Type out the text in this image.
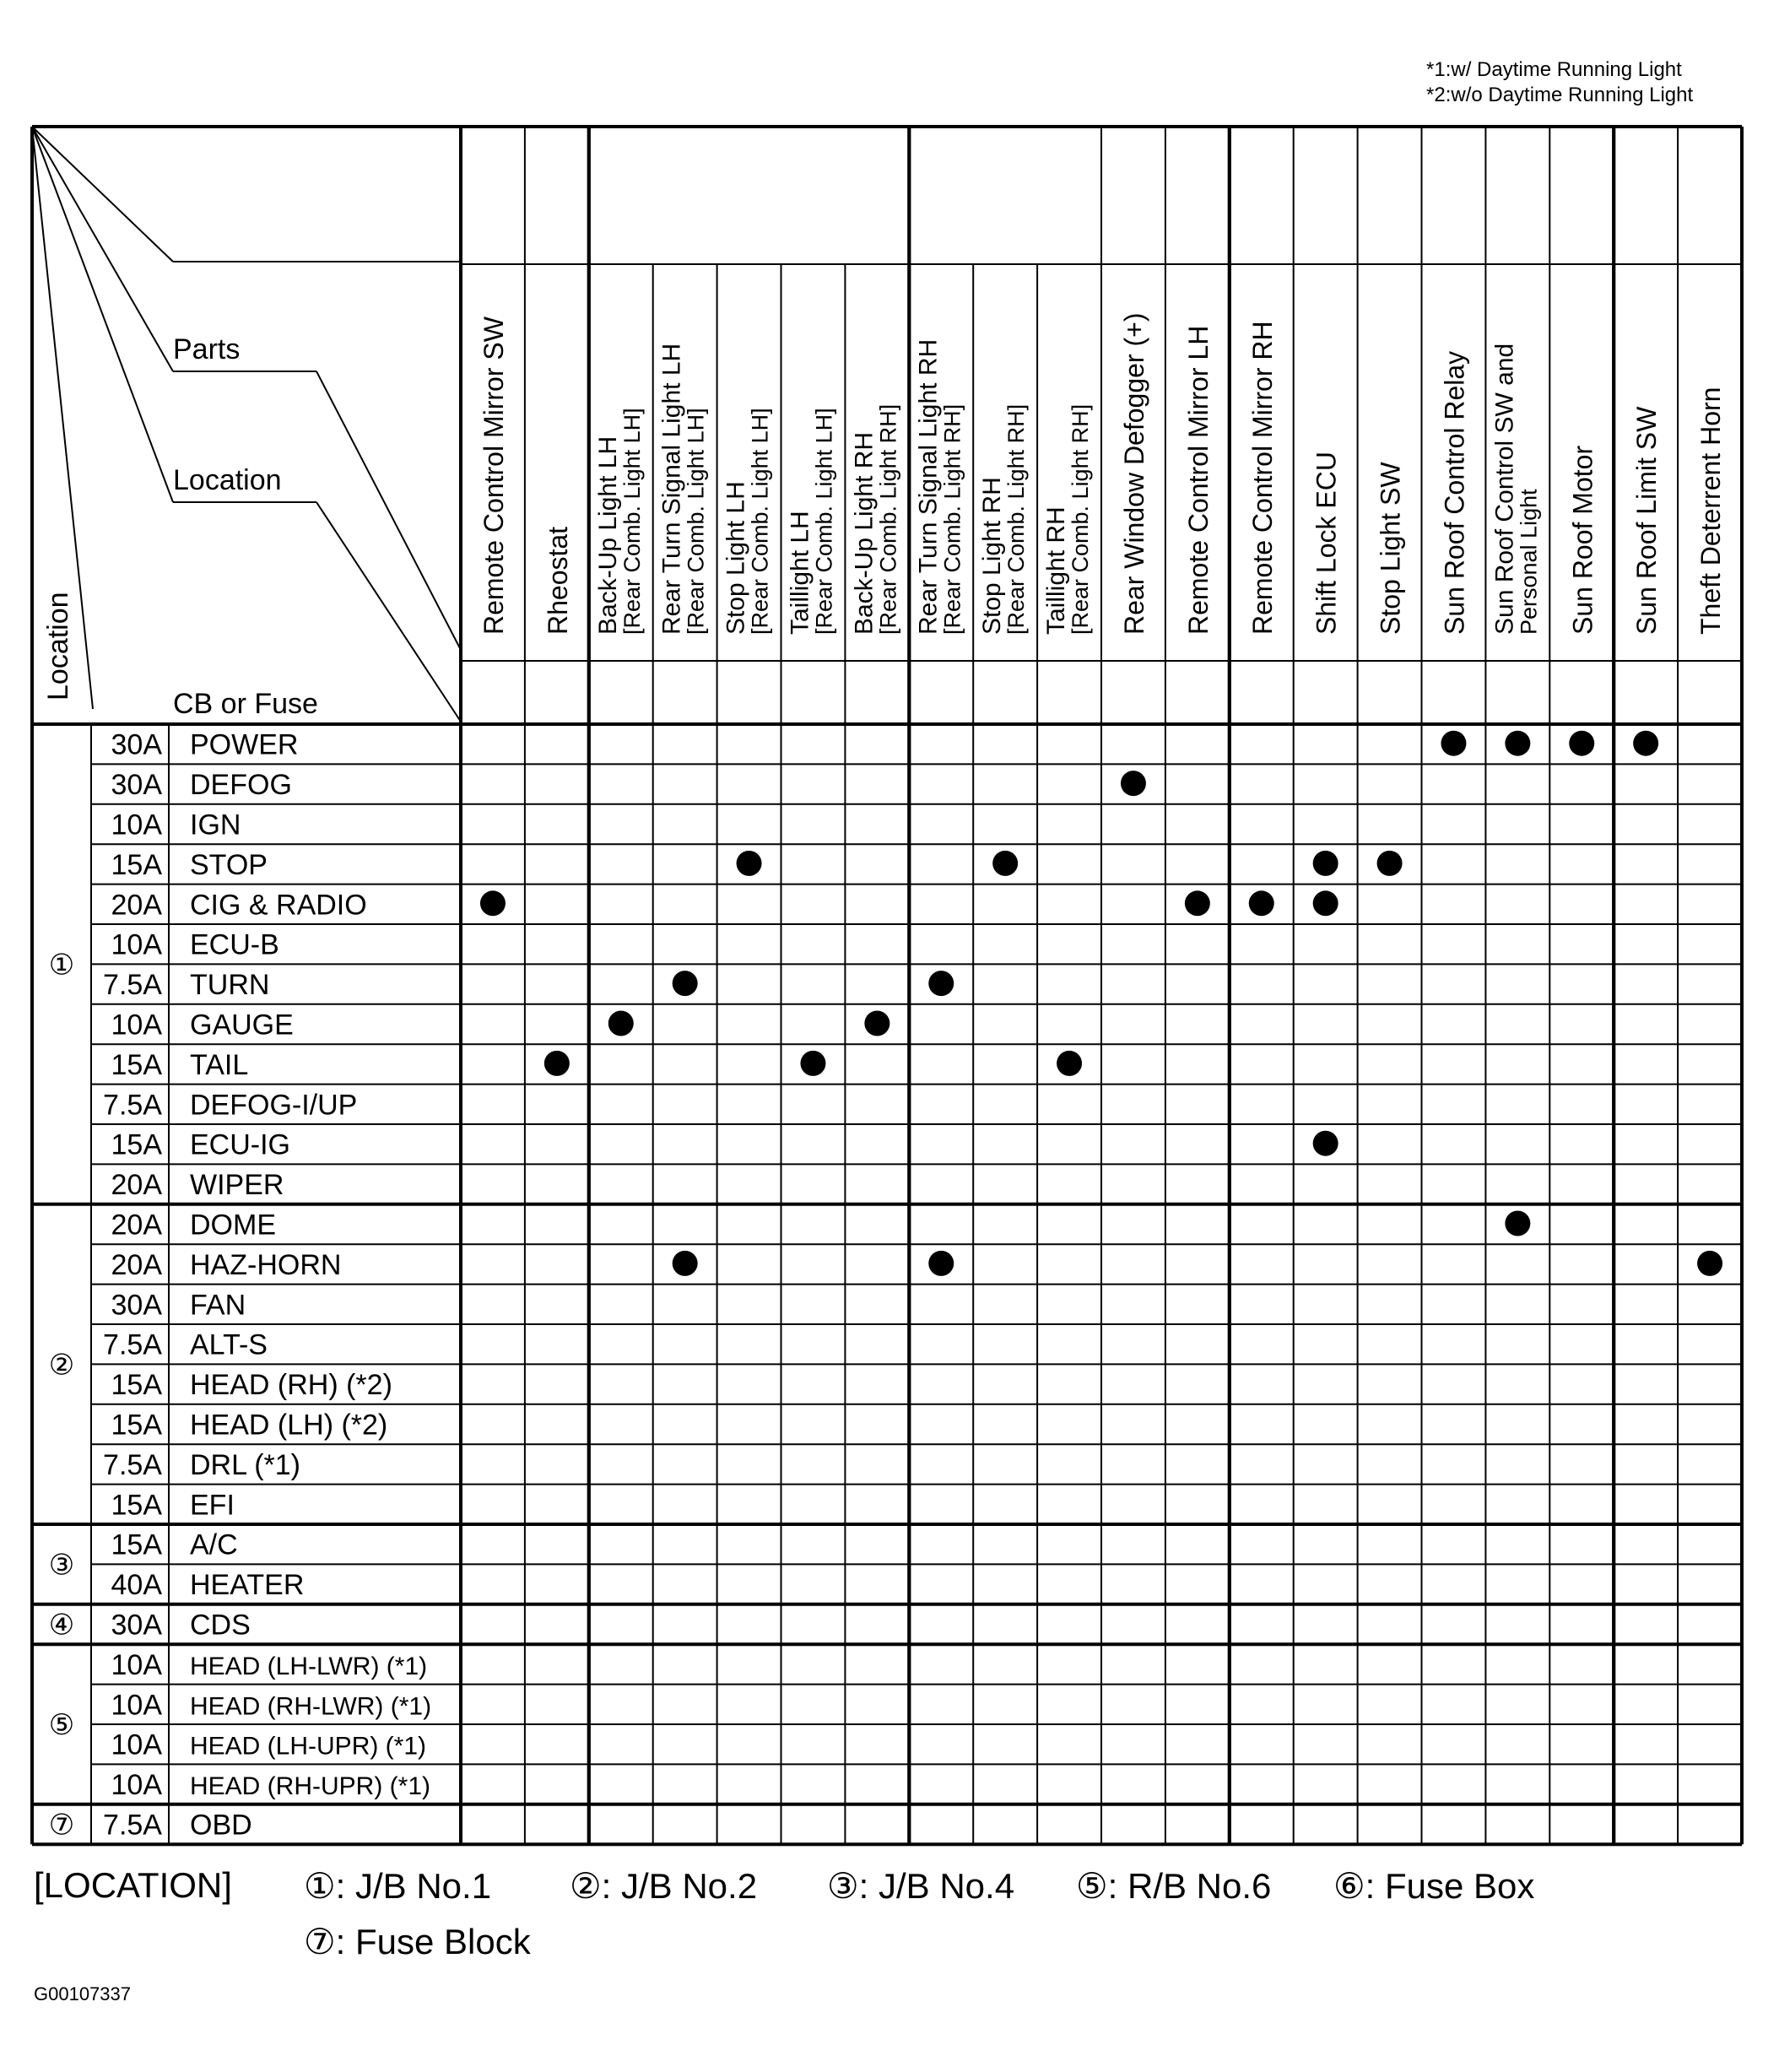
*1:w/ Daytime Running Light
*2:w/o Daytime Running Light
Parts
Location
CB or Fuse
Location
Remote Control Mirror SW Rheostat Back-Up Light LH
[Rear Comb. Light LH] Rear Turn Signal Light LH
[Rear Comb. Light LH] Stop Light LH
[Rear Comb. Light LH] Taillight LH
[Rear Comb. Light LH] Back-Up Light RH
[Rear Comb. Light RH] Rear Turn Signal Light RH
[Rear Comb. Light RH] Stop Light RH
[Rear Comb. Light RH] Taillight RH
[Rear Comb. Light RH] Rear Window Defogger (+) Remote Control Mirror LH Remote Control Mirror RH Shift Lock ECU Stop Light SW Sun Roof Control Relay Sun Roof Control SW and
Personal Light Sun Roof Motor Sun Roof Limit SW Theft Deterrent Horn
30A POWER
30A DEFOG
10A IGN
15A STOP
20A CIG & RADIO
10A ECU-B
7.5A TURN
10A GAUGE
15A TAIL
7.5A DEFOG-I/UP
15A ECU-IG
20A WIPER
20A DOME
20A HAZ-HORN
30A FAN
7.5A ALT-S
15A HEAD (RH) (*2)
15A HEAD (LH) (*2)
7.5A DRL (*1)
15A EFI
15A A/C
40A HEATER
30A CDS
10A HEAD (LH-LWR) (*1)
10A HEAD (RH-LWR) (*1)
10A HEAD (LH-UPR) (*1)
10A HEAD (RH-UPR) (*1)
7.5A OBD
①
②
③
④
⑤
⑦
[LOCATION] ①: J/B No.1 ②: J/B No.2 ③: J/B No.4 ⑤: R/B No.6 ⑥: Fuse Box
⑦: Fuse Block
G00107337
